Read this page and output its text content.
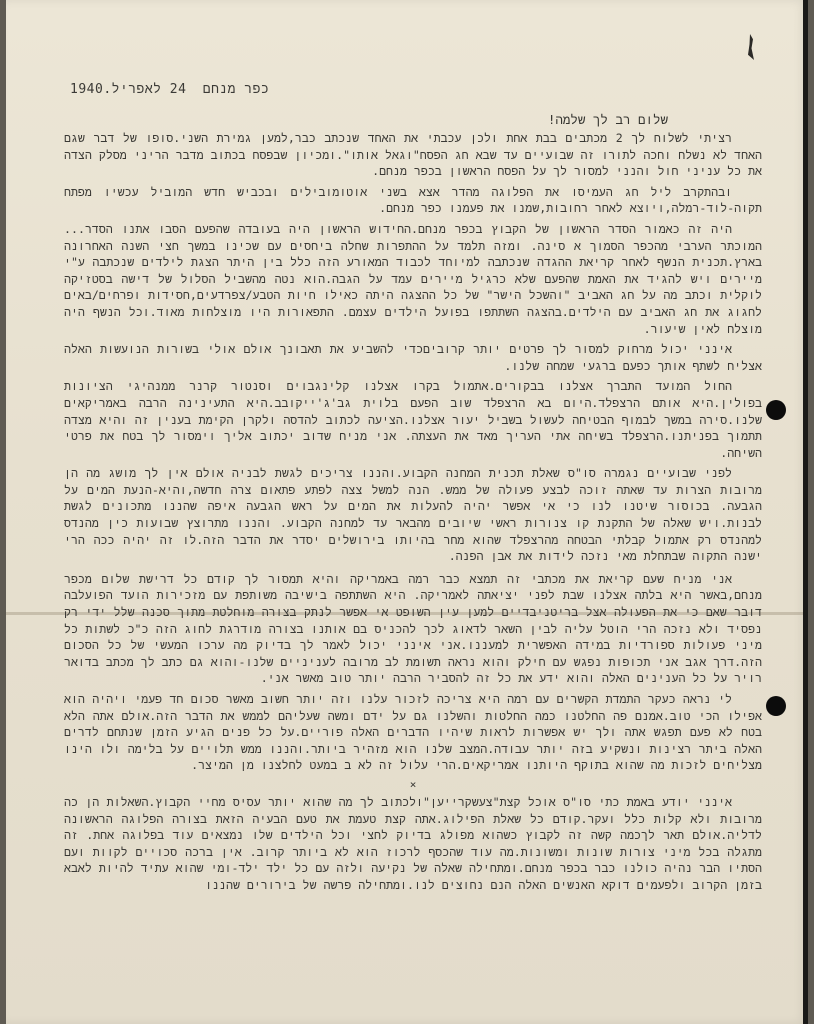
כפר מנחם 24 לאפריל.1940
שלום רב לך שלמה!

רציתי לשלוח לך 2 מכתבים בבת אחת ולכן עכבתי את האחד שנכתב כבר,למען גמירת השני.סופו של דבר שגם האחד לא נשלח וחכה לתורו זה שבועיים עד שבא חג הפסח"וגאל אותו".ומכיון שבפסח בכתוב מדבר הריני מסלק הצדה את כל עניני חול והנני למסור לך על הפסח הראשון בכפר מנחם.

ובהתקרב ליל חג העמיסו את הפלוגה מהדר אצא בשני אוטומובילים ובכביש חדש המוביל עכשיו מפתח תקוה-לוד-רמלה,ויוצא לאחר רחובות,שמנו את פעמנו כפר מנחם.

היה זה כאמור הסדר הראשון של הקבוץ בכפר מנחם.החידוש הראשון היה בעובדה שהפעם הסבו אתנו הסדר... המוכתר הערבי מהכפר הסמוך א סינה. ומזה תלמד על ההתפרות שחלה ביחסים עם שכינו במשך חצי השנה האחרונה בארץ.תכנית הנשף לאחר קריאת ההגדה שנכתבה למיוחד לכבוד המאורע הזה כלל בין היתר הצגת לילדים שנכתבה ע"י מיירים ויש להגיד את האמת שהפעם שלא כרגיל מיירים עמד על הגבה.הוא נטה מהשביל הסלול של דישה בסטזיקה לוקלית וכתב מה על חג האביב "והשכל הישר" של כל ההצגה היתה כאילו חיות הטבע/צפרדעים,חסידות ופרחים/באים לחגוג את חג האביב עם הילדים.בהצגה השתתפו בפועל הילדים עצמם. התפאורות היו מוצלחות מאוד.וכל הנשף היה מוצלח לאין שיעור.

אינני יכול מרחוק למסור לך פרטים יותר קרוביםכדי להשביע את תאבונך אולם אולי בשורות הנועשות האלה אצליח לשתף אותך כפעם ברגעי שמחה שלנו.

החול המועד התברך אצלנו בבקורים.אתמול בקרו אצלנו קלינגבוים וסנטור קרנר ממנהיגי הציונות בפולין.היא אותם הרצפלד.היום בא הרצפלד שוב הפעם בלוית גב'ג'ייקובב.היא התעינינה הרבה באמריקאים שלנו.סירה במשך לבמוף הבטיחה לעשול בשביל יעור אצלנו.הציעה לכתוב להדסה ולקרן הקימת בענין זה והיא מצדה תתמוך בפניתנו.הרצפלד בשיחה אתי העריך מאד את העצתה. אני מניח שדוב יכתוב אליך וימסור לך בטח את פרטי השיחה.

לפני שבועיים נגמרה סו"ס שאלת תכנית המחנה הקבוע.והננו צריכים לגשת לבניה אולם אין לך מושג מה הן מרובות הצרות עד שאתה זוכה לבצע פעולה של ממש. הנה למשל צצה לפתע פתאום צרה חדשה,והיא-הנעת המים על הגבעה. בכוסור שיטנו לנו כי אי אפשר יהיה להעלות את המים על ראש הגבעה איפה שהננו מתכונים לגשת לבנות.ויש שאלה של התקנת קו צנורות ראשי שיובים מהבאר עד למחנה הקבוע. והננו מתרוצץ שבועות כין מהנדס למהנדס רק אתמול קבלתי הבטחה מהרצפלד שהוא מחר בהיותו בירושלים יסדר את הדבר הזה.לו זה יהיה ככה הרי ישנה התקוה שבתחלת מאי נזכה לידות את אבן הפנה.

אני מניח שעם קריאת את מכתבי זה תמצא כבר רמה באמריקה והיא תמסור לך קודם כל דרישת שלום מכפר מנחם,באשר היא בלתה אצלנו שבת לפני יציאתה לאמריקה. היא השתתפה בישיבה משותפת עם מזכירות הועד הפועלבה דובר שאם כי את הפעולה אצל בריטניבדיים למען עין השופט אי אפשר לנתק בצורה מוחלטת מתוך סכנה שלל ידי רק נפסיד ולא נזכה הרי הוטל עליה לבין השאר לדאוג לכך להכניס בם אותנו בצורה מודרגת לחוג הזה כ"כ לשתות כל מיני פעולות ספורדיות במידה האפשרית למעננו.אני אינני יכול לאמר לך בדיוק מה ערכו המעשי של כל הסכום הזה.דרך אגב אני תכופות נפגש עם חילק והוא נראה תשומת לב מרובה לעניניים שלנו-והוא גם כתב לך מכתב בדואר רויר על כל הענינים האלה והוא ידע את כל זה להסביר הרבה יותר טוב מאשר אני.

לי נראה כעקר התמדת הקשרים עם רמה היא צריכה לזכור עלנו וזה יותר חשוב מאשר סכום חד פעמי ויהיה הוא אפילו הכי טוב.אמנם פה החלטנו כמה החלטות והשלנו גם על ידם ומשה שעליהם לממש את הדבר הזה.אולם אתה הלא בטח לא פעם תפגש אתה ולך יש אפשרות לראות שיהיו הדברים האלה פוריים.על כל פנים הגיע הזמן שנתחם לדרים האלה ביתר רצינות ונשקיע בזה יותר עבודה.המצב שלנו הוא מזהיר ביותר.והננו ממש תלויים על בלימה ולו הינו מצליחים לזכות מה שהוא בתוקף היותנו אמריקאים.הרי עלול זה לא ב במעט לחלצנו מן המיצר.

×

אינני יודע באמת כתי סו"ס אוכל קצת"צעשקרייען"ולכתוב לך מה שהוא יותר עסיס מחיי הקבוץ.השאלות הן כה מרובות ולא קלות כלל ועקר.קודם כל שאלת הפילוג.אתה קצת טעמת את טעם הבעיה הזאת בצורה הפלוגה הראשונה לדליה.אולם תאר לךכמה קשה זה לקבוץ כשהוא מפולג בדיוק לחצי וכל הילדים שלו נמצאים עוד בפלוגה אחת. זה מתגלה בכל מיני צורות שונות ומשונות.מה עוד שהכסף לרכוז הוא לא ביותר קרוב. אין ברכה סכויים לקוות ועם הסתיו הבר נהיה כולנו כבר בכפר מנחם.ומתחילה שאלה של נקיעה ולזה עם כל ילד ילד-ומי שהוא עתיד להיות לאבא בזמן הקרוב ולפעמים דוקא האנשים האלה הנם נחוצים לנו.ומתחילה פרשה של בירורים שהננו
